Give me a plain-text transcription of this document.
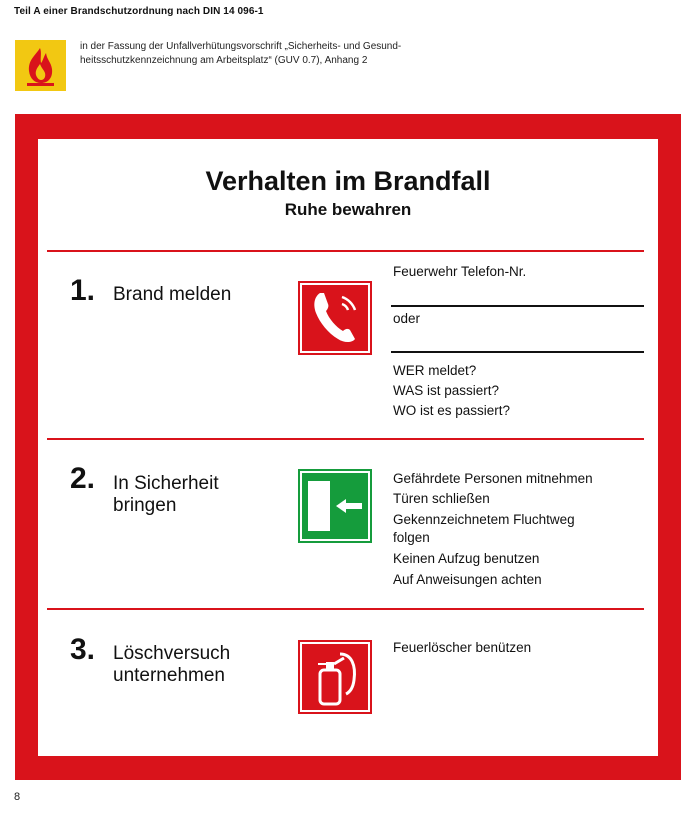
Teil A einer Brandschutzordnung nach DIN 14 096-1
in der Fassung der Unfallverhütungsvorschrift „Sicherheits- und Gesund-
heitsschutzkennzeichnung am Arbeitsplatz“ (GUV 0.7), Anhang 2
Verhalten im Brandfall
Ruhe bewahren
1. Brand melden
Feuerwehr Telefon-Nr.
oder
WER meldet?
WAS ist passiert?
WO ist es passiert?
2. In Sicherheit
bringen
Gefährdete Personen mitnehmen
Türen schließen
Gekennzeichnetem Fluchtweg
folgen
Keinen Aufzug benutzen
Auf Anweisungen achten
3. Löschversuch
unternehmen
Feuerlöscher benützen
8
